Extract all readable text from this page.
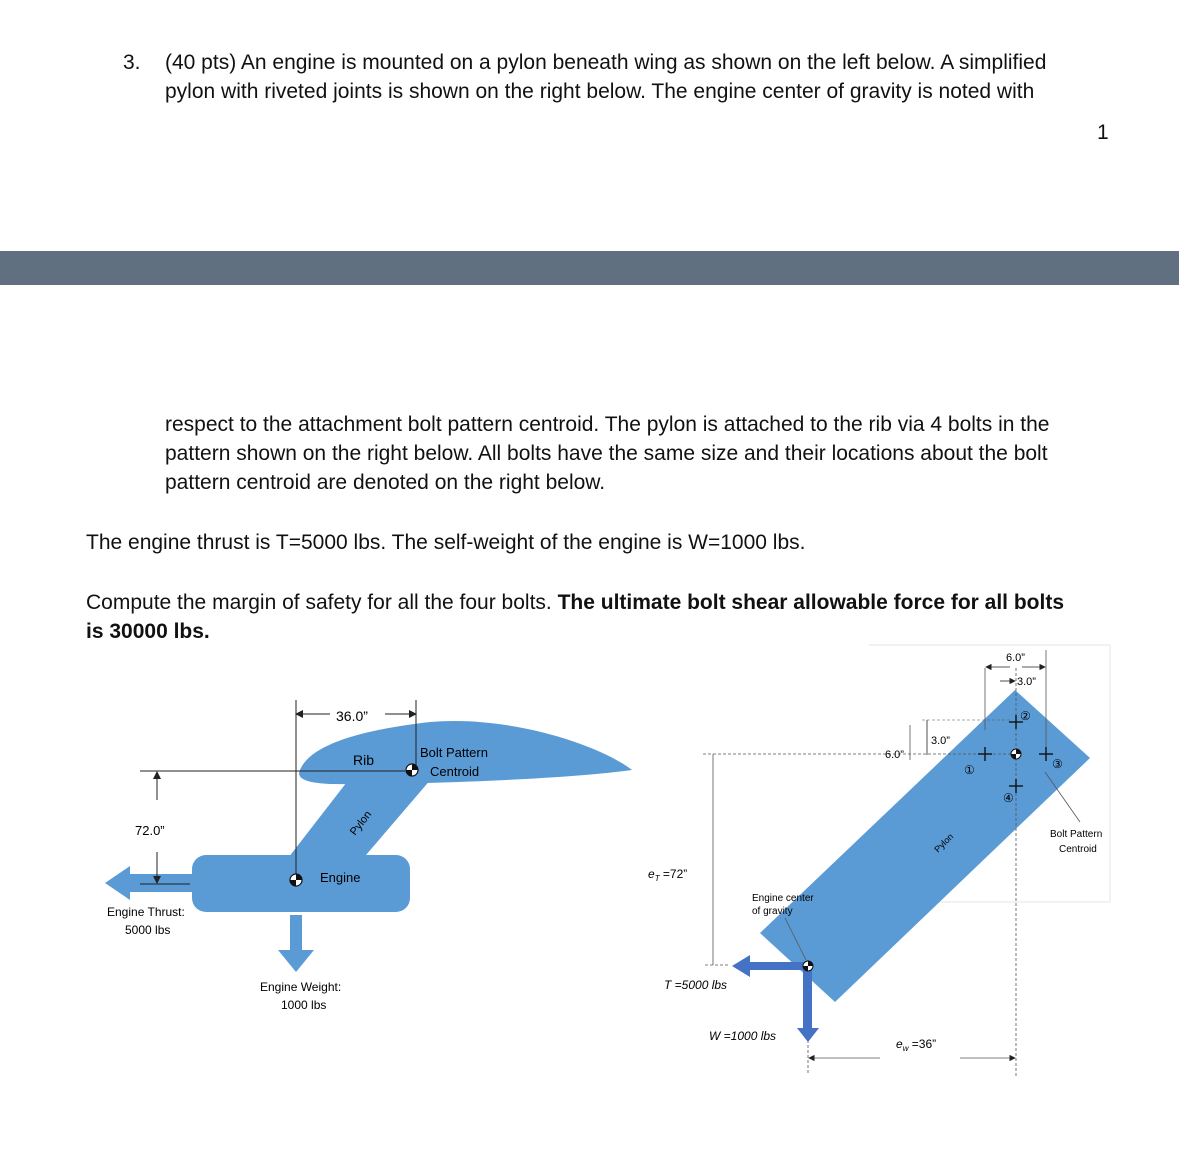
3. (40 pts) An engine is mounted on a pylon beneath wing as shown on the left below. A simplified
pylon with riveted joints is shown on the right below. The engine center of gravity is noted with
1
respect to the attachment bolt pattern centroid. The pylon is attached to the rib via 4 bolts in the
pattern shown on the right below. All bolts have the same size and their locations about the bolt
pattern centroid are denoted on the right below.
The engine thrust is T=5000 lbs. The self-weight of the engine is W=1000 lbs.
Compute the margin of safety for all the four bolts. The ultimate bolt shear allowable force for all bolts
is 30000 lbs.
36.0”
72.0”
Rib	Bolt Pattern
Centroid
Pylon
Engine
Engine Thrust:
5000 lbs
Engine Weight:
1000 lbs
6.0”
3.0”
3.0”
6.0”
②
①	③
④
Bolt Pattern
Centroid
Pylon
$e_T =72$”
Engine center
of gravity
T =5000 lbs
W =1000 lbs
$e_w =36$”
